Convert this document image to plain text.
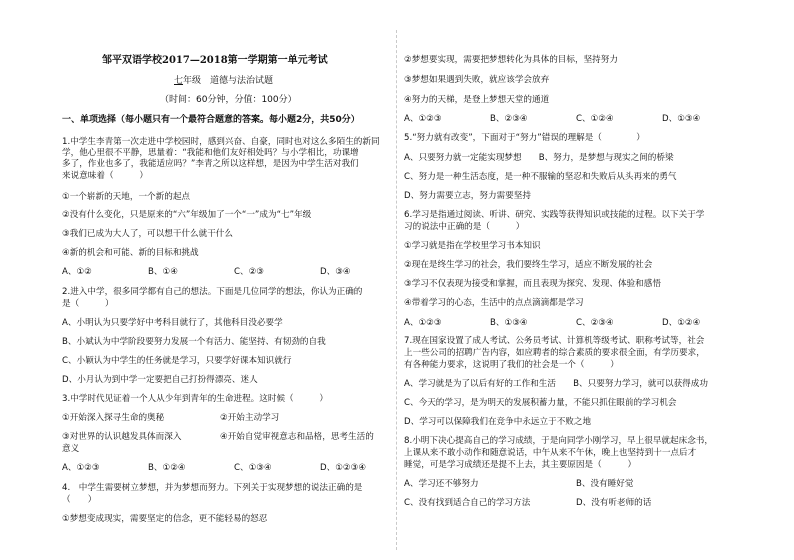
邹平双语学校2017—2018第一学期第一单元考试
七年级　道德与法治试题
（时间：60分钟，分值：100分）
一、单项选择（每小题只有一个最符合题意的答案。每小题2分，共50分）
1.中学生李青第一次走进中学校园时，感到兴奋、自豪，同时也对这么多陌生的新同
学，他心里很不平静，思量着：“我能和他们友好相处吗？与小学相比，功课增
多了，作业也多了，我能适应吗？”李青之所以这样想，是因为中学生活对我们
来说意味着（　　　）
①一个崭新的天地，一个新的起点
②没有什么变化，只是原来的“六”年级加了一个“一”成为“七”年级
③我们已成为大人了，可以想干什么就干什么
④新的机会和可能、新的目标和挑战
A、①②	B、①④	C、②③	D、③④
2.进入中学，很多同学都有自己的想法。下面是几位同学的想法，你认为正确的
是（　　　）
A、小明认为只要学好中考科目就行了，其他科目没必要学
B、小斌认为中学阶段要努力发展一个有活力、能坚持、有韧劲的自我
C、小颖认为中学生的任务就是学习，只要学好课本知识就行
D、小月认为到中学一定要把自己打扮得漂亮、迷人
3.中学时代见证着一个人从少年到青年的生命进程。这时候（　　　）
①开始深入探寻生命的奥秘	②开始主动学习
③对世界的认识越发具体而深入	④开始自觉审视意志和品格，思考生活的
意义
A、①②③	B、①②④	C、①③④	D、①②③④
4.　中学生需要树立梦想，并为梦想而努力。下列关于实现梦想的说法正确的是
（　　）
①梦想变成现实，需要坚定的信念，更不能轻易的怒忍
②梦想要实现，需要把梦想转化为具体的目标，坚持努力
③梦想如果遇到失败，就应该学会放弃
④努力的天梯，是登上梦想天堂的通道
A、①②③	B、②③④	C、①②④	D、①③④
5.“努力就有改变”，下面对于“努力”错误的理解是（　　　　）
A、只要努力就一定能实现梦想　　B、努力，是梦想与现实之间的桥梁
C、努力是一种生活态度，是一种不服输的坚忍和失败后从头再来的勇气
D、努力需要立志，努力需要坚持
6.学习是指通过阅读、听讲、研究、实践等获得知识或技能的过程。以下关于学
习的说法中正确的是（　　　）
①学习就是指在学校里学习书本知识
②现在是终生学习的社会，我们要终生学习，适应不断发展的社会
③学习不仅表现为接受和掌握，而且表现为探究、发现、体验和感悟
④带着学习的心态，生活中的点点滴滴都是学习
A、①②③	B、①③④	C、②③④	D、①②④
7.现在国家设置了成人考试、公务员考试、计算机等级考试、职称考试等，社会
上一些公司的招聘广告内容，如应聘者的综合素质的要求很全面，有学历要求，
有各种能力要求，这说明了我们的社会是一个（　　　）
A、学习就是为了以后有好的工作和生活　　B、只要努力学习，就可以获得成功
C、今天的学习，是为明天的发展积蓄力量，不能只抓住眼前的学习机会
D、学习可以保障我们在竞争中永远立于不败之地
8.小明下决心提高自己的学习成绩，于是向同学小刚学习，早上很早就起床念书，
上课从来不敢小动作和随意说话，中午从来不午休，晚上也坚持到十一点后才
睡觉，可是学习成绩还是提不上去，其主要原因是（　　　）
A、学习还不够努力	B、没有睡好觉
C、没有找到适合自己的学习方法	D、没有听老师的话
